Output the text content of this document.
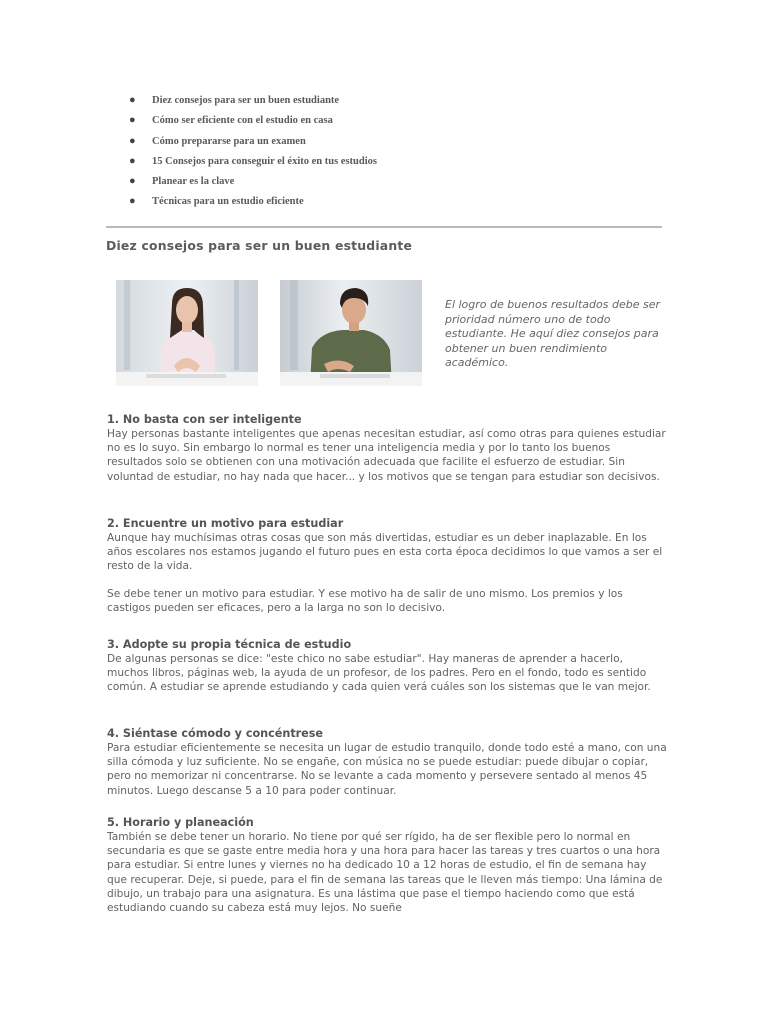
● Diez consejos para ser un buen estudiante
● Cómo ser eficiente con el estudio en casa
● Cómo prepararse para un examen
● 15 Consejos para conseguir el éxito en tus estudios
● Planear es la clave
● Técnicas para un estudio eficiente
Diez consejos para ser un buen estudiante

El logro de buenos resultados debe ser prioridad número uno de todo estudiante. He aquí diez consejos para obtener un buen rendimiento académico.

1. No basta con ser inteligente

Hay personas bastante inteligentes que apenas necesitan estudiar, así como otras para quienes estudiar no es lo suyo. Sin embargo lo normal es tener una inteligencia media y por lo tanto los buenos resultados solo se obtienen con una motivación adecuada que facilite el esfuerzo de estudiar. Sin voluntad de estudiar, no hay nada que hacer... y los motivos que se tengan para estudiar son decisivos.

2. Encuentre un motivo para estudiar

Aunque hay muchísimas otras cosas que son más divertidas, estudiar es un deber inaplazable. En los años escolares nos estamos jugando el futuro pues en esta corta época decidimos lo que vamos a ser el resto de la vida.

Se debe tener un motivo para estudiar. Y ese motivo ha de salir de uno mismo. Los premios y los castigos pueden ser eficaces, pero a la larga no son lo decisivo.

3. Adopte su propia técnica de estudio

De algunas personas se dice: "este chico no sabe estudiar". Hay maneras de aprender a hacerlo, muchos libros, páginas web, la ayuda de un profesor, de los padres. Pero en el fondo, todo es sentido común. A estudiar se aprende estudiando y cada quien verá cuáles son los sistemas que le van mejor.

4. Siéntase cómodo y concéntrese

Para estudiar eficientemente se necesita un lugar de estudio tranquilo, donde todo esté a mano, con una silla cómoda y luz suficiente. No se engañe, con música no se puede estudiar: puede dibujar o copiar, pero no memorizar ni concentrarse. No se levante a cada momento y persevere sentado al menos 45 minutos. Luego descanse 5 a 10 para poder continuar.

5. Horario y planeación

También se debe tener un horario. No tiene por qué ser rígido, ha de ser flexible pero lo normal en secundaria es que se gaste entre media hora y una hora para hacer las tareas y tres cuartos o una hora para estudiar. Si entre lunes y viernes no ha dedicado 10 a 12 horas de estudio, el fin de semana hay que recuperar. Deje, si puede, para el fin de semana las tareas que le lleven más tiempo: Una lámina de dibujo, un trabajo para una asignatura. Es una lástima que pase el tiempo haciendo como que está estudiando cuando su cabeza está muy lejos. No sueñe
